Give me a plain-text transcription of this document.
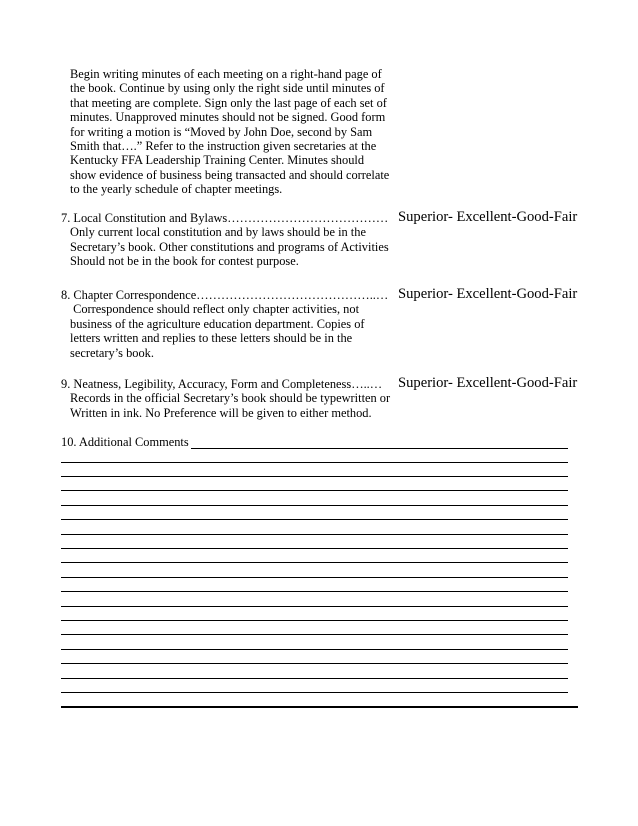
Begin writing minutes of each meeting on a right-hand page of
the book. Continue by using only the right side until minutes of
that meeting are complete. Sign only the last page of each set of
minutes. Unapproved minutes should not be signed. Good form
for writing a motion is “Moved by John Doe, second by Sam
Smith that….” Refer to the instruction given secretaries at the
Kentucky FFA Leadership Training Center. Minutes should
show evidence of business being transacted and should correlate
to the yearly schedule of chapter meetings.
7. Local Constitution and Bylaws…………………………………
Only current local constitution and by laws should be in the
Secretary’s book. Other constitutions and programs of Activities
Should not be in the book for contest purpose.
Superior- Excellent-Good-Fair
8. Chapter Correspondence……………………………………..…
Correspondence should reflect only chapter activities, not
business of the agriculture education department. Copies of
letters written and replies to these letters should be in the
secretary’s book.
Superior- Excellent-Good-Fair
9. Neatness, Legibility, Accuracy, Form and Completeness…..…
Records in the official Secretary’s book should be typewritten or
Written in ink. No Preference will be given to either method.
Superior- Excellent-Good-Fair
10. Additional Comments
